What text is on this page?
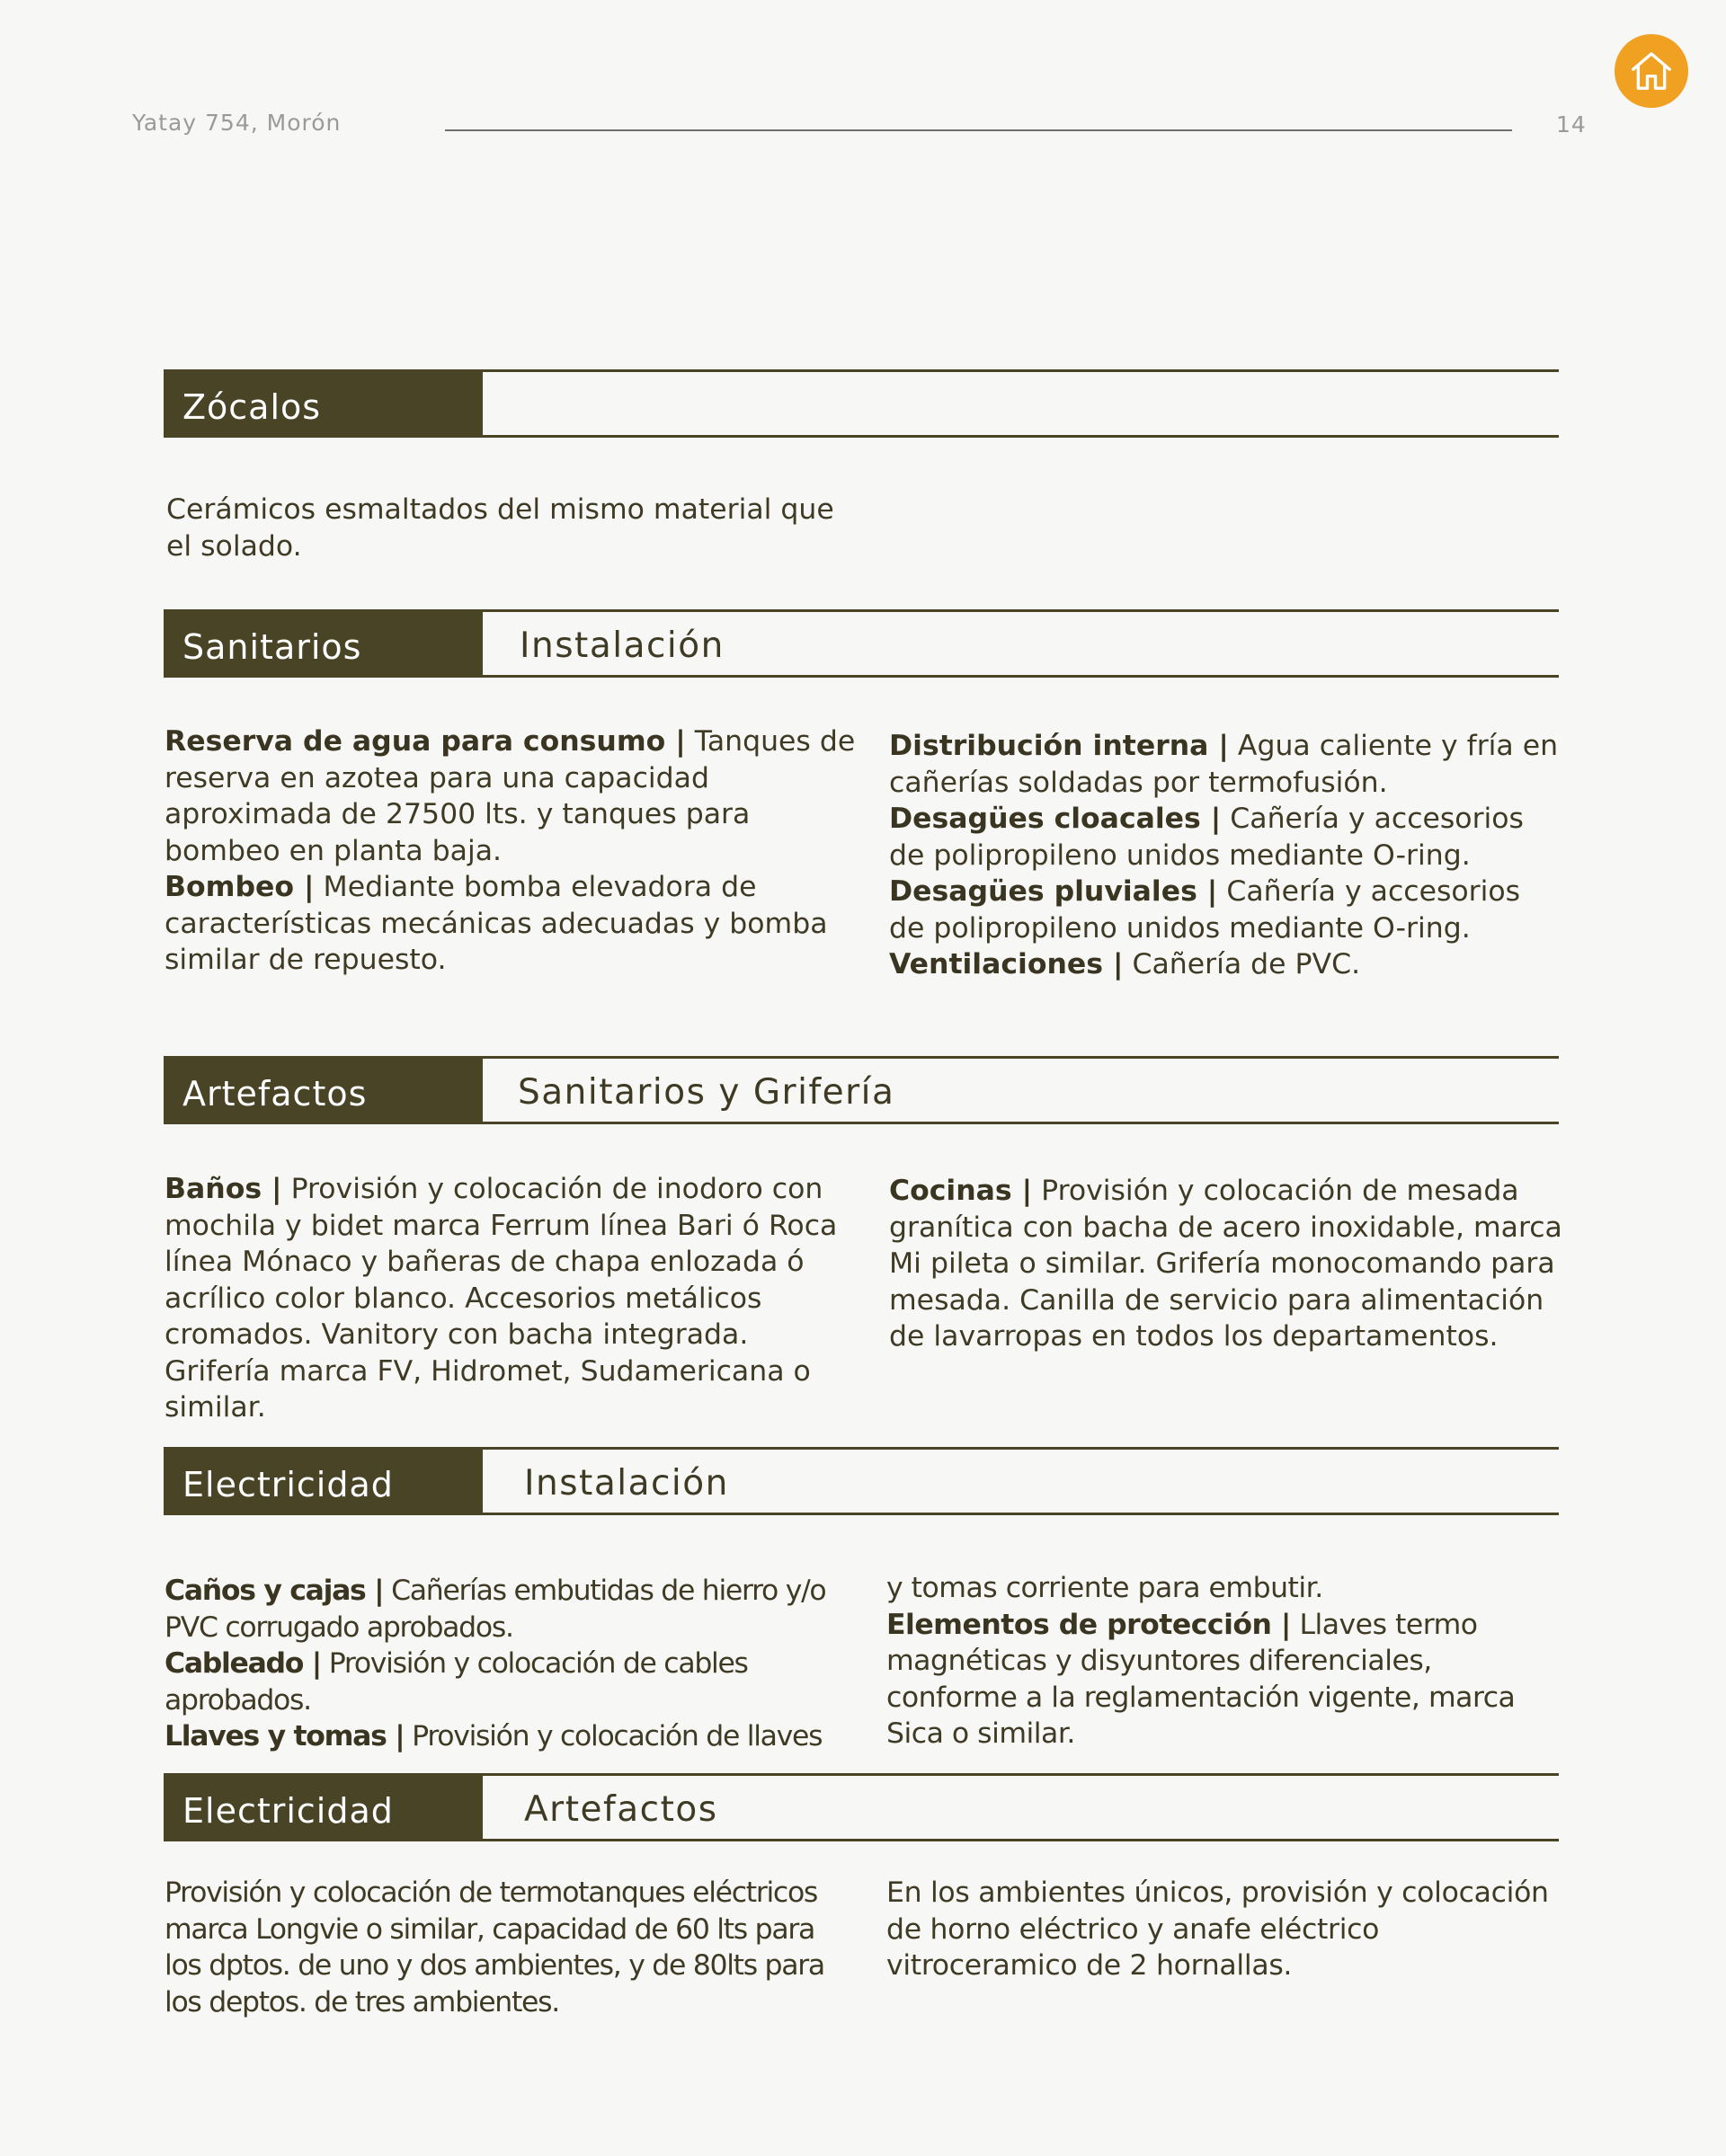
Yatay 754, Morón	14
Zócalos

Cerámicos esmaltados del mismo material que el solado.

Sanitarios	Instalación
Reserva de agua para consumo | Tanques de reserva en azotea para una capacidad aproximada de 27500 lts. y tanques para bombeo en planta baja.
Bombeo | Mediante bomba elevadora de características mecánicas adecuadas y bomba similar de repuesto.
Distribución interna | Agua caliente y fría en cañerías soldadas por termofusión.
Desagües cloacales | Cañería y accesorios de polipropileno unidos mediante O-ring.
Desagües pluviales | Cañería y accesorios de polipropileno unidos mediante O-ring.
Ventilaciones | Cañería de PVC.
Artefactos	Sanitarios y Grifería
Baños | Provisión y colocación de inodoro con mochila y bidet marca Ferrum línea Bari ó Roca línea Mónaco y bañeras de chapa enlozada ó acrílico color blanco. Accesorios metálicos cromados. Vanitory con bacha integrada. Grifería marca FV, Hidromet, Sudamericana o similar.
Cocinas | Provisión y colocación de mesada granítica con bacha de acero inoxidable, marca Mi pileta o similar. Grifería monocomando para mesada. Canilla de servicio para alimentación de lavarropas en todos los departamentos.
Electricidad	Instalación
Caños y cajas | Cañerías embutidas de hierro y/o PVC corrugado aprobados.
Cableado | Provisión y colocación de cables aprobados.
Llaves y tomas | Provisión y colocación de llaves
y tomas corriente para embutir.
Elementos de protección | Llaves termo magnéticas y disyuntores diferenciales, conforme a la reglamentación vigente, marca Sica o similar.
Electricidad	Artefactos
Provisión y colocación de termotanques eléctricos marca Longvie o similar, capacidad de 60 lts para los dptos. de uno y dos ambientes, y de 80lts para los deptos. de tres ambientes.
En los ambientes únicos, provisión y colocación de horno eléctrico y anafe eléctrico vitroceramico de 2 hornallas.
